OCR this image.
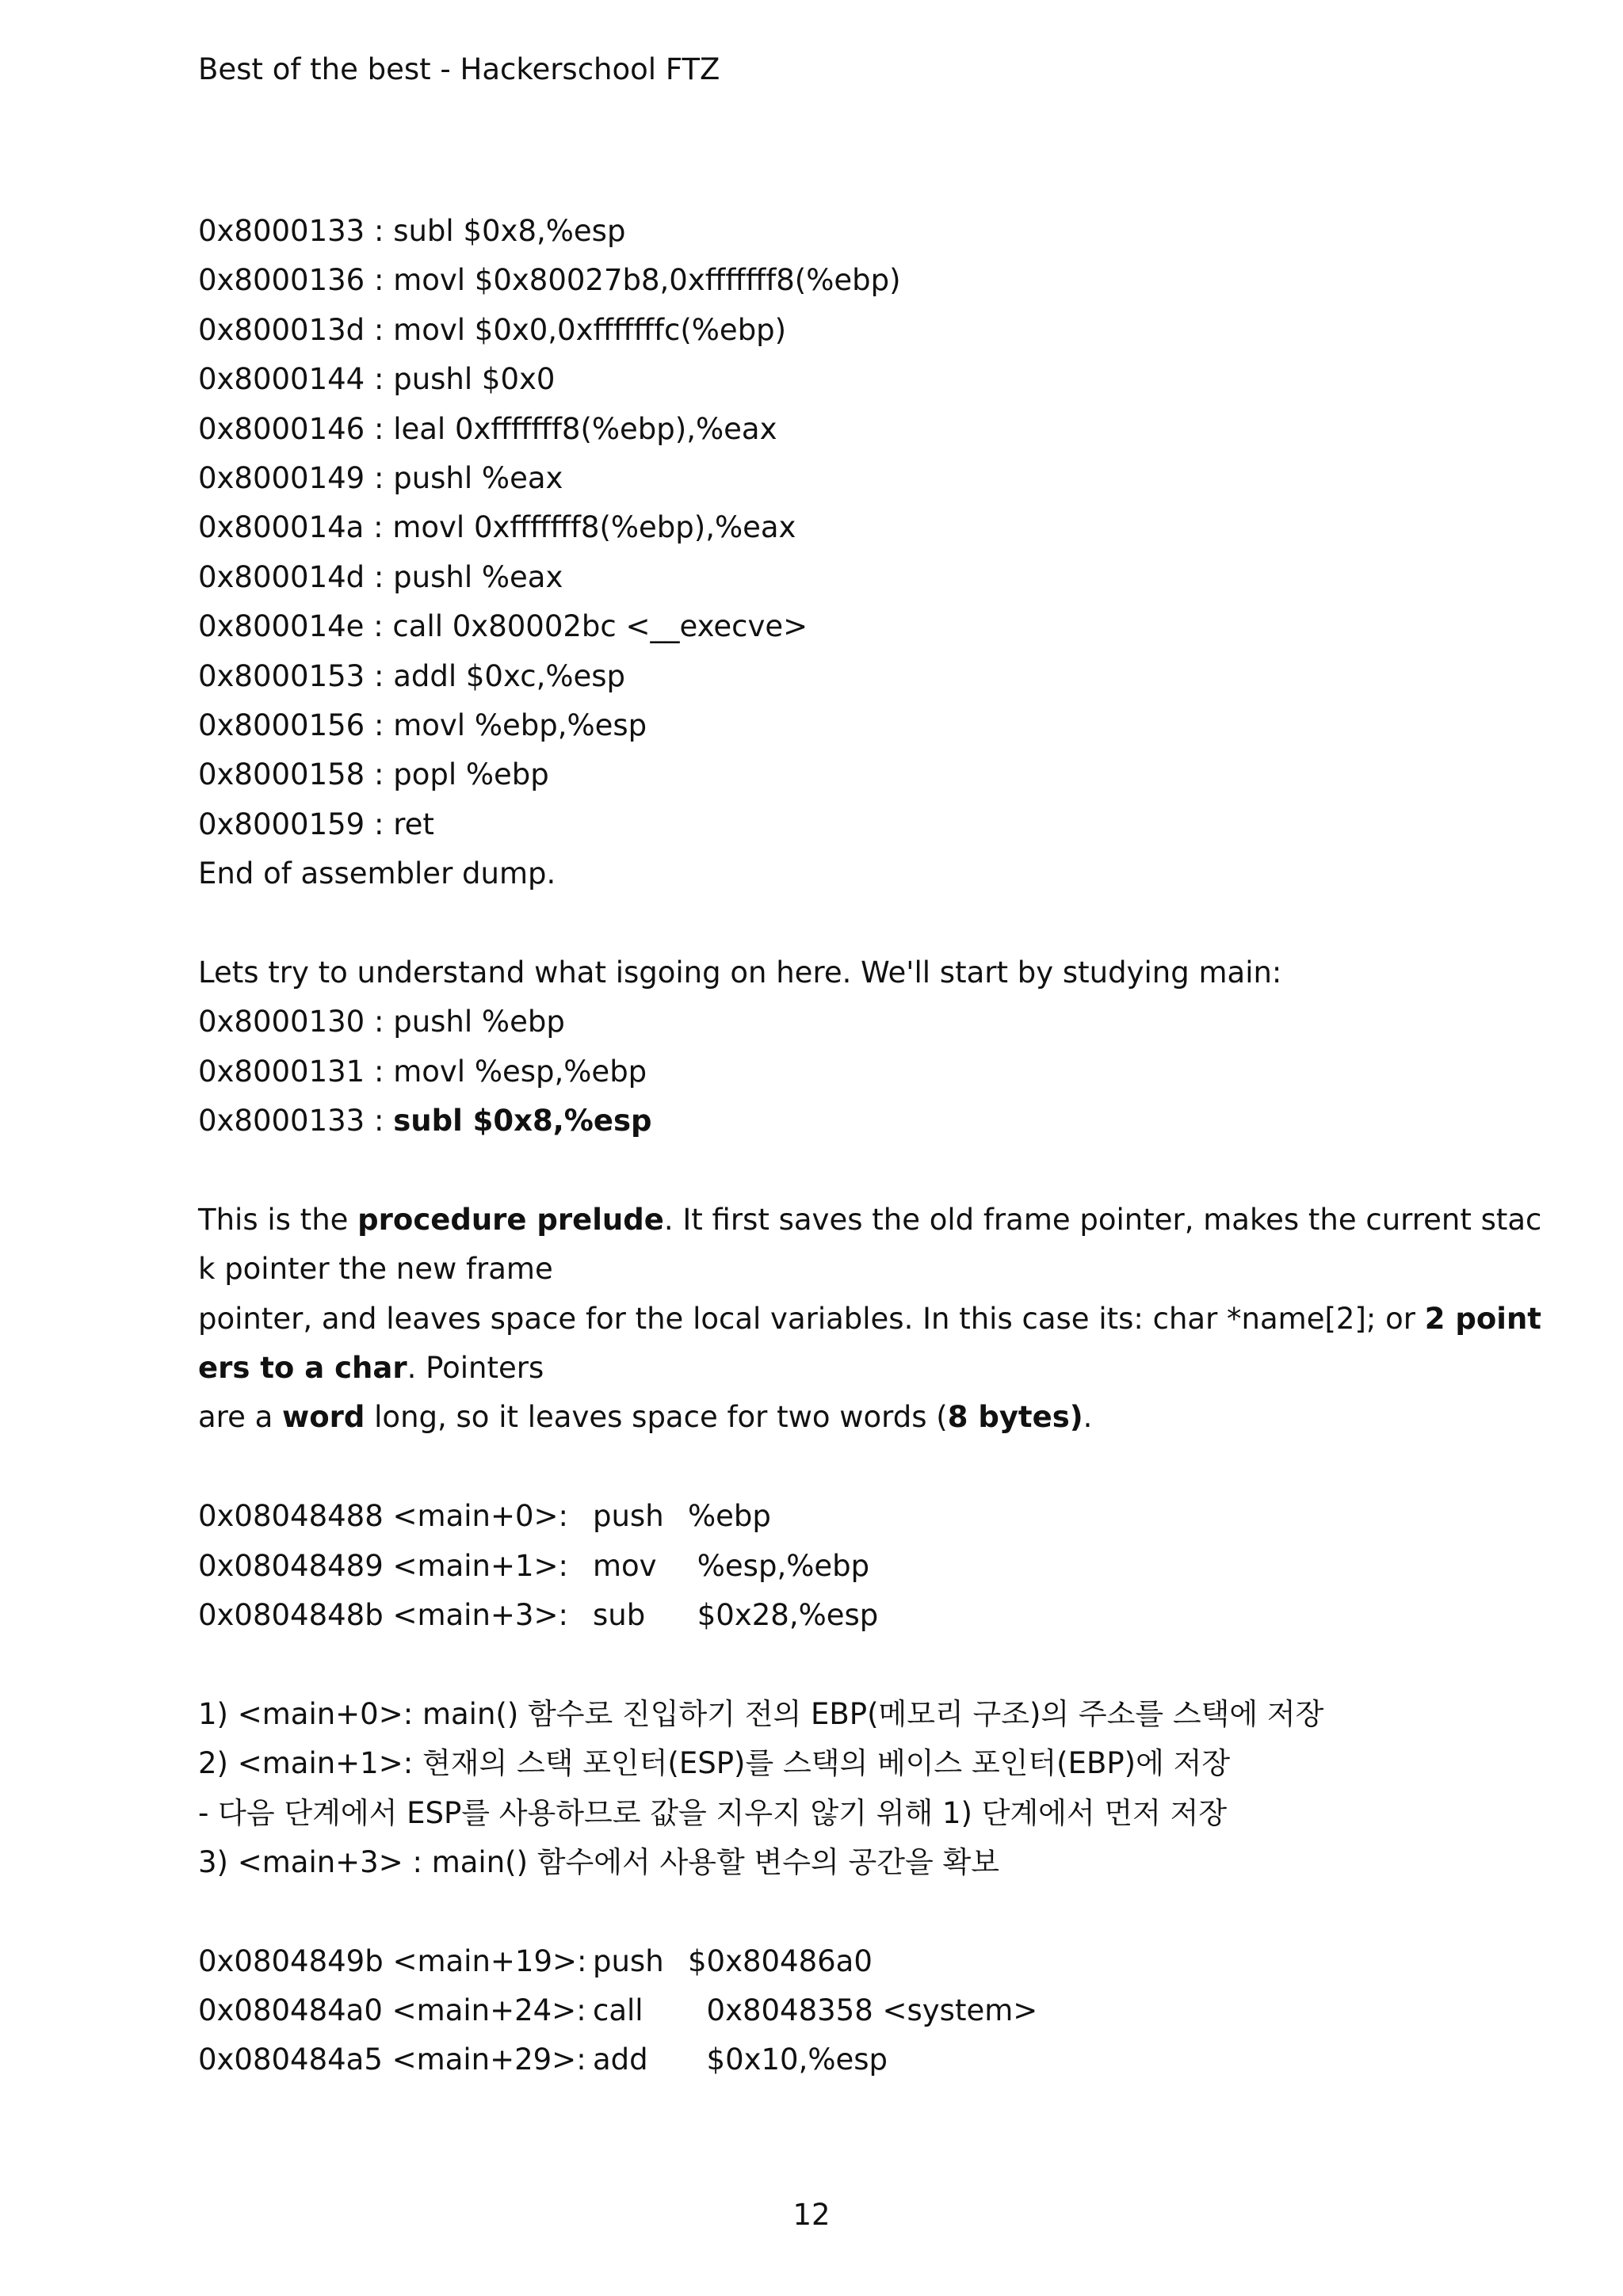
Best of the best - Hackerschool FTZ
0x8000133 : subl $0x8,%esp
0x8000136 : movl $0x80027b8,0xfffffff8(%ebp)
0x800013d : movl $0x0,0xfffffffc(%ebp)
0x8000144 : pushl $0x0
0x8000146 : leal 0xfffffff8(%ebp),%eax
0x8000149 : pushl %eax
0x800014a : movl 0xfffffff8(%ebp),%eax
0x800014d : pushl %eax
0x800014e : call 0x80002bc <__execve>
0x8000153 : addl $0xc,%esp
0x8000156 : movl %ebp,%esp
0x8000158 : popl %ebp
0x8000159 : ret
End of assembler dump.
Lets try to understand what isgoing on here. We'll start by studying main:
0x8000130 : pushl %ebp
0x8000131 : movl %esp,%ebp
0x8000133 : subl $0x8,%esp
This is the procedure prelude. It first saves the old frame pointer, makes the current stac
k pointer the new frame
pointer, and leaves space for the local variables. In this case its: char *name[2]; or 2 point
ers to a char. Pointers
are a word long, so it leaves space for two words (8 bytes).
0x08048488 <main+0>: push %ebp
0x08048489 <main+1>: mov	%esp,%ebp
0x0804848b <main+3>: sub	$0x28,%esp
1) <main+0>: main() 함수로 진입하기 전의 EBP(메모리 구조)의 주소를 스택에 저장
2) <main+1>: 현재의 스택 포인터(ESP)를 스택의 베이스 포인터(EBP)에 저장
- 다음 단계에서 ESP를 사용하므로 값을 지우지 않기 위해 1) 단계에서 먼저 저장
3) <main+3> : main() 함수에서 사용할 변수의 공간을 확보
0x0804849b <main+19>: push $0x80486a0
0x080484a0 <main+24>: call	0x8048358 <system>
0x080484a5 <main+29>: add	$0x10,%esp
12
